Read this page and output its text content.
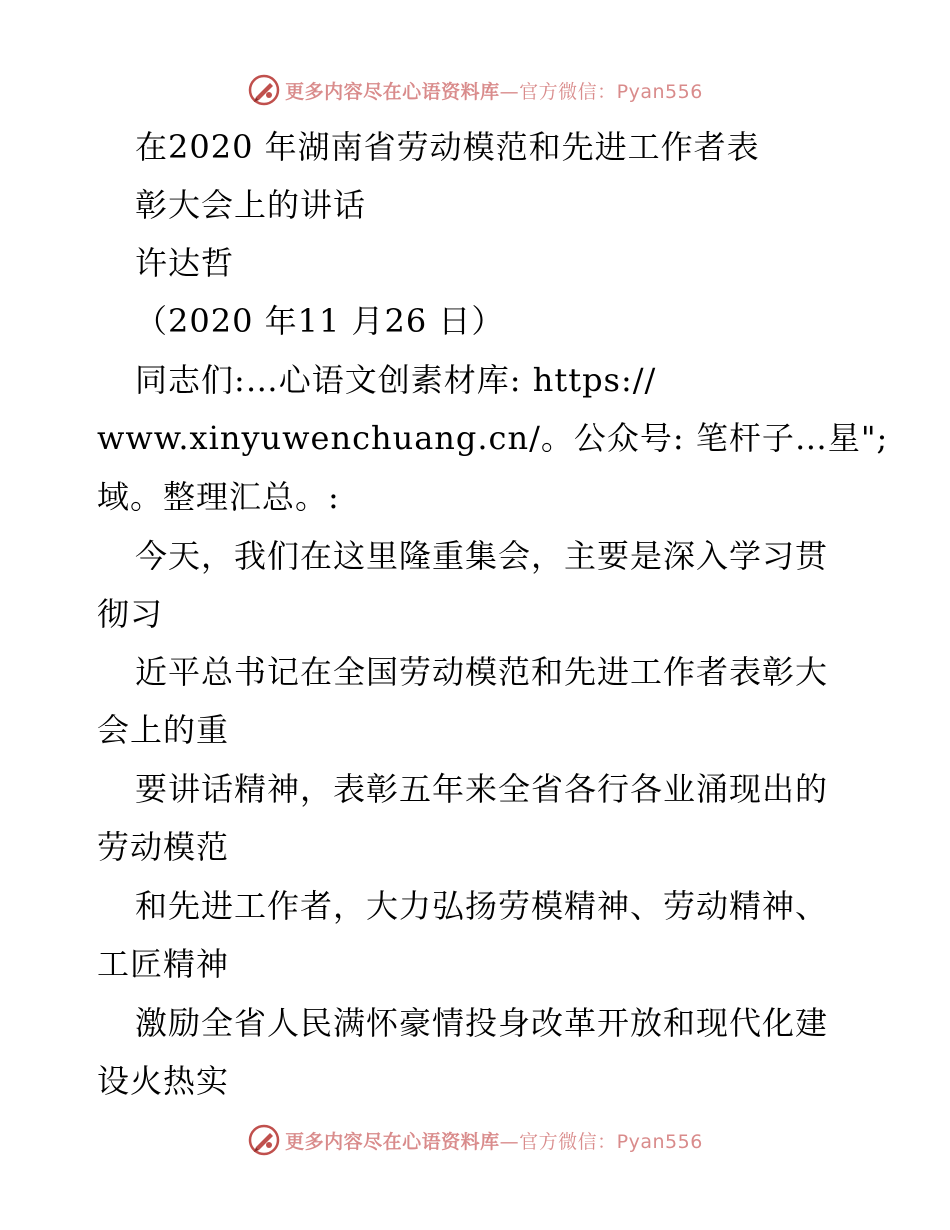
更多内容尽在心语资料库—官方微信：Pyan556
在2020 年湖南省劳动模范和先进工作者表
彰大会上的讲话
许达哲
（2020 年11 月26 日）
同志们:…心语文创素材库: https://
www.xinyuwenchuang.cn/。公众号: 笔杆子…星";
域。整理汇总。:
今天，我们在这里隆重集会，主要是深入学习贯
彻习
近平总书记在全国劳动模范和先进工作者表彰大
会上的重
要讲话精神，表彰五年来全省各行各业涌现出的
劳动模范
和先进工作者，大力弘扬劳模精神、劳动精神、
工匠精神
激励全省人民满怀豪情投身改革开放和现代化建
设火热实
更多内容尽在心语资料库—官方微信：Pyan556
